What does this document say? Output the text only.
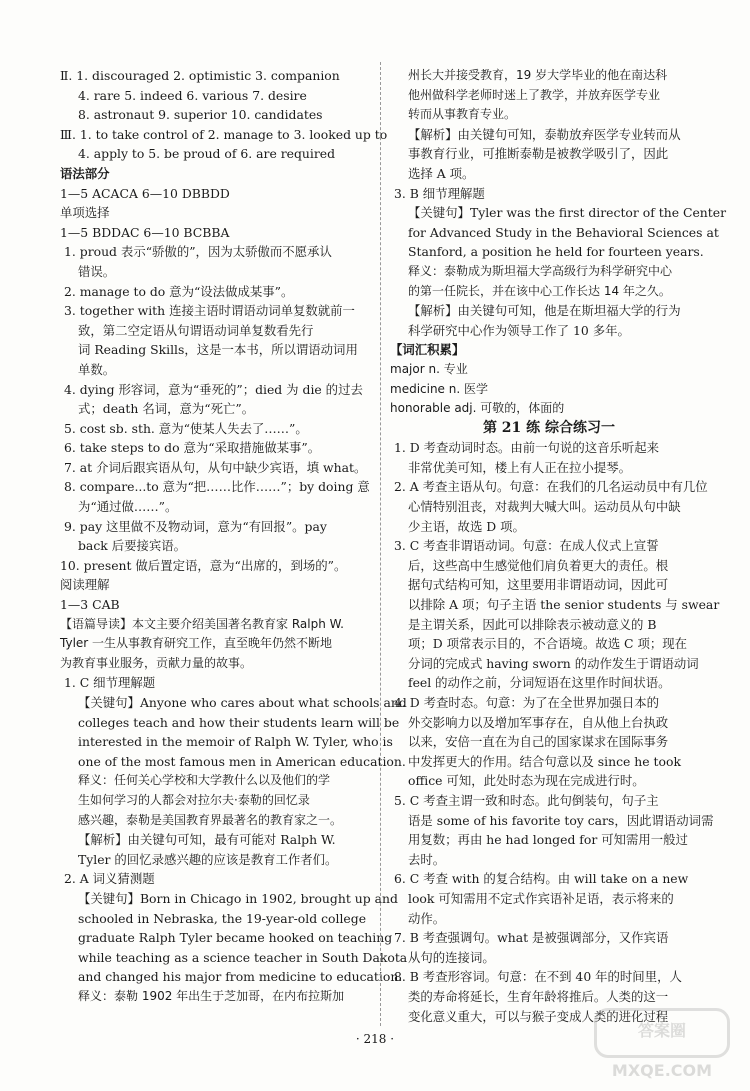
Ⅱ. 1. discouraged 2. optimistic 3. companion
4. rare 5. indeed 6. various 7. desire
8. astronaut 9. superior 10. candidates
Ⅲ. 1. to take control of 2. manage to 3. looked up to
4. apply to 5. be proud of 6. are required
语法部分
1—5 ACACA 6—10 DBBDD
单项选择
1—5 BDDAC 6—10 BCBBA
1. proud 表示“骄傲的”，因为太骄傲而不愿承认
错误。
2. manage to do 意为“设法做成某事”。
3. together with 连接主语时谓语动词单复数就前一
致，第二空定语从句谓语动词单复数看先行
词 Reading Skills，这是一本书，所以谓语动词用
单数。
4. dying 形容词，意为“垂死的”；died 为 die 的过去
式；death 名词，意为“死亡”。
5. cost sb. sth. 意为“使某人失去了……”。
6. take steps to do 意为“采取措施做某事”。
7. at 介词后跟宾语从句，从句中缺少宾语，填 what。
8. compare...to 意为“把……比作……”；by doing 意
为“通过做……”。
9. pay 这里做不及物动词，意为“有回报”。pay
back 后要接宾语。
10. present 做后置定语，意为“出席的，到场的”。
阅读理解
1—3 CAB
【语篇导读】本文主要介绍美国著名教育家 Ralph W.
Tyler 一生从事教育研究工作，直至晚年仍然不断地
为教育事业服务，贡献力量的故事。
1. C 细节理解题
【关键句】Anyone who cares about what schools and
colleges teach and how their students learn will be
interested in the memoir of Ralph W. Tyler, who is
one of the most famous men in American education.
释义：任何关心学校和大学教什么以及他们的学
生如何学习的人都会对拉尔夫·泰勒的回忆录
感兴趣，泰勒是美国教育界最著名的教育家之一。
【解析】由关键句可知，最有可能对 Ralph W.
Tyler 的回忆录感兴趣的应该是教育工作者们。
2. A 词义猜测题
【关键句】Born in Chicago in 1902, brought up and
schooled in Nebraska, the 19-year-old college
graduate Ralph Tyler became hooked on teaching
while teaching as a science teacher in South Dakota
and changed his major from medicine to education.
释义：泰勒 1902 年出生于芝加哥，在内布拉斯加
州长大并接受教育，19 岁大学毕业的他在南达科
他州做科学老师时迷上了教学，并放弃医学专业
转而从事教育专业。
【解析】由关键句可知，泰勒放弃医学专业转而从
事教育行业，可推断泰勒是被教学吸引了，因此
选择 A 项。
3. B 细节理解题
【关键句】Tyler was the first director of the Center
for Advanced Study in the Behavioral Sciences at
Stanford, a position he held for fourteen years.
释义：泰勒成为斯坦福大学高级行为科学研究中心
的第一任院长，并在该中心工作长达 14 年之久。
【解析】由关键句可知，他是在斯坦福大学的行为
科学研究中心作为领导工作了 10 多年。
【词汇积累】
major n. 专业
medicine n. 医学
honorable adj. 可敬的，体面的
第 21 练 综合练习一
1. D 考查动词时态。由前一句说的这音乐听起来
非常优美可知，楼上有人正在拉小提琴。
2. A 考查主语从句。句意：在我们的几名运动员中有几位
心情特别沮丧，对裁判大喊大叫。运动员从句中缺
少主语，故选 D 项。
3. C 考查非谓语动词。句意：在成人仪式上宣誓
后，这些高中生感觉他们肩负着更大的责任。根
据句式结构可知，这里要用非谓语动词，因此可
以排除 A 项；句子主语 the senior students 与 swear
是主谓关系，因此可以排除表示被动意义的 B
项；D 项常表示目的，不合语境。故选 C 项；现在
分词的完成式 having sworn 的动作发生于谓语动词
feel 的动作之前，分词短语在这里作时间状语。
4. D 考查时态。句意：为了在全世界加强日本的
外交影响力以及增加军事存在，自从他上台执政
以来，安倍一直在为自己的国家谋求在国际事务
中发挥更大的作用。结合句意以及 since he took
office 可知，此处时态为现在完成进行时。
5. C 考查主谓一致和时态。此句倒装句，句子主
语是 some of his favorite toy cars，因此谓语动词需
用复数；再由 he had longed for 可知需用一般过
去时。
6. C 考查 with 的复合结构。由 will take on a new
look 可知需用不定式作宾语补足语，表示将来的
动作。
7. B 考查强调句。what 是被强调部分，又作宾语
从句的连接词。
8. B 考查形容词。句意：在不到 40 年的时间里，人
类的寿命将延长，生育年龄将推后。人类的这一
变化意义重大，可以与猴子变成人类的进化过程
· 218 ·	答案圈 MXQE.COM
